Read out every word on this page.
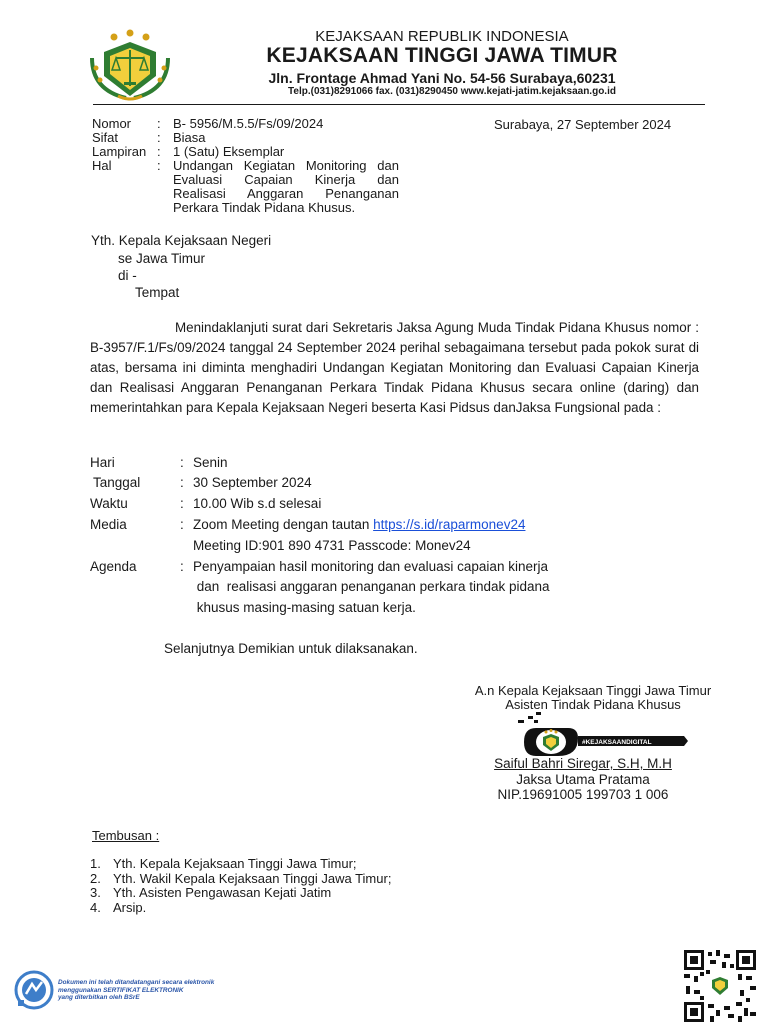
KEJAKSAAN REPUBLIK INDONESIA
KEJAKSAAN TINGGI JAWA TIMUR
Jln. Frontage Ahmad Yani No. 54-56 Surabaya,60231
Telp.(031)8291066 fax. (031)8290450 www.kejati-jatim.kejaksaan.go.id
Nomor	: B- 5956/M.5.5/Fs/09/2024
Sifat	: Biasa
Lampiran : 1 (Satu) Eksemplar
Hal	: Undangan Kegiatan Monitoring dan
Evaluasi Capaian Kinerja dan
Realisasi Anggaran Penanganan
Perkara Tindak Pidana Khusus.
Surabaya, 27 September 2024
Yth. Kepala Kejaksaan Negeri
se Jawa Timur
di -
Tempat
Menindaklanjuti surat dari Sekretaris Jaksa Agung Muda Tindak Pidana Khusus nomor : B-3957/F.1/Fs/09/2024 tanggal 24 September 2024 perihal sebagaimana tersebut pada pokok surat di atas, bersama ini diminta menghadiri Undangan Kegiatan Monitoring dan Evaluasi Capaian Kinerja dan Realisasi Anggaran Penanganan Perkara Tindak Pidana Khusus secara online (daring) dan memerintahkan para Kepala Kejaksaan Negeri beserta Kasi Pidsus danJaksa Fungsional pada :
Hari	: Senin
Tanggal	: 30 September 2024
Waktu	: 10.00 Wib s.d selesai
Media	: Zoom Meeting dengan tautan https://s.id/raparmonev24
Meeting ID:901 890 4731 Passcode: Monev24
Agenda	: Penyampaian hasil monitoring dan evaluasi capaian kinerja
dan  realisasi anggaran penanganan perkara tindak pidana
khusus masing-masing satuan kerja.
Selanjutnya Demikian untuk dilaksanakan.
A.n Kepala Kejaksaan Tinggi Jawa Timur
Asisten Tindak Pidana Khusus
#KEJAKSAANDIGITAL
Saiful Bahri Siregar, S.H, M.H
Jaksa Utama Pratama
NIP.19691005 199703 1 006
Tembusan :
1. Yth. Kepala Kejaksaan Tinggi Jawa Timur;
2. Yth. Wakil Kepala Kejaksaan Tinggi Jawa Timur;
3. Yth. Asisten Pengawasan Kejati Jatim
4. Arsip.
Dokumen ini telah ditandatangani secara elektronik
menggunakan SERTIFIKAT ELEKTRONIK
yang diterbitkan oleh BSrE
